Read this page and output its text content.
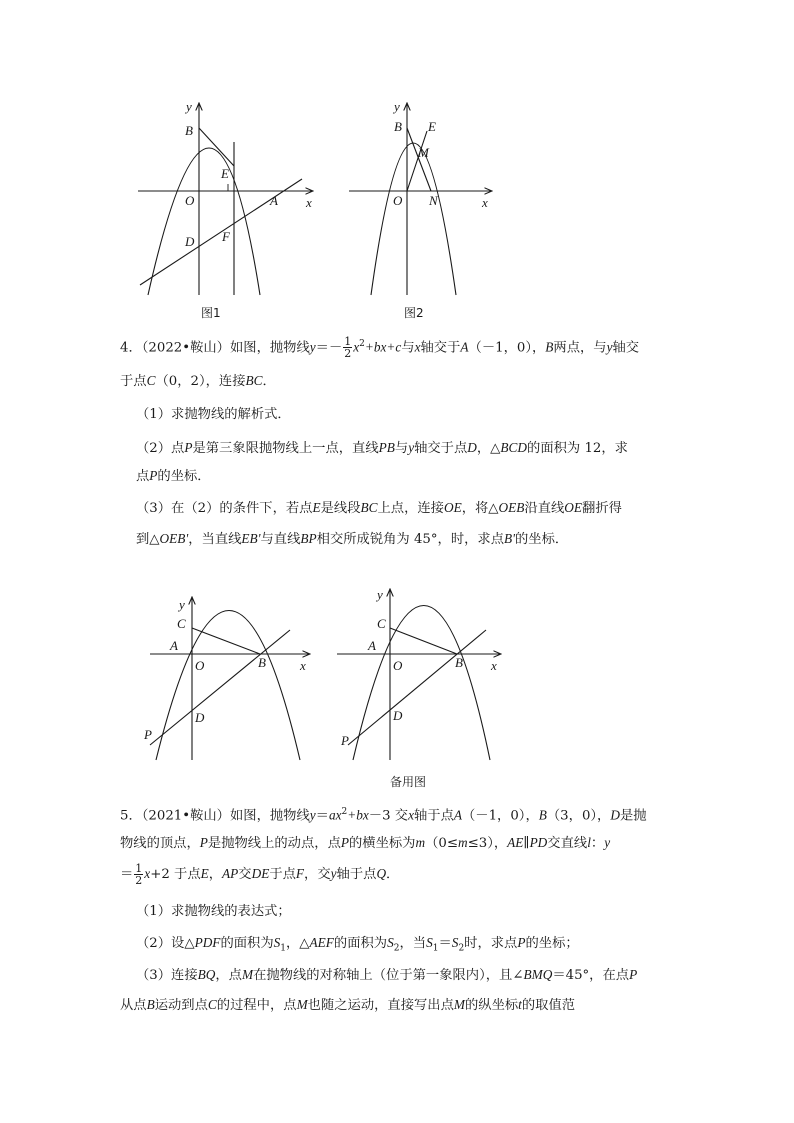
y
x
O
B
E
A
D F
图1
y
x
O
B E
M
N
图2
4．（2022•鞍山）如图，抛物线$y=- \frac{1}{2} x^2+bx+c$与x轴交于A（－1，0），B两点，与y轴交
于点C（0，2），连接BC．
（1）求抛物线的解析式．
（2）点P是第三象限抛物线上一点，直线PB与y轴交于点D，△BCD的面积为 12，求
点P的坐标．
（3）在（2）的条件下，若点E是线段BC上点，连接OE，将△OEB沿直线OE翻折得
到△OEB'，当直线EB'与直线BP相交所成锐角为 45°，时，求点B'的坐标．
y
x
O
C
A
B
D
P
y
x
O
C
A
B
D
P
备用图
5．（2021•鞍山）如图，抛物线$y=ax^2+bx-3$ 交x轴于点A（－1，0），B（3，0），D是抛
物线的顶点，P是抛物线上的动点，点P的横坐标为m（0≤m≤3），AE∥PD交直线l：y
＝ $\frac{1}{2} x+2$ 于点E，AP交DE于点F，交y轴于点Q．
（1）求抛物线的表达式；
（2）设△PDF的面积为$S_1$，△AEF的面积为$S_2$，当$S_1=S_2$时，求点P的坐标；
（3）连接BQ，点M在抛物线的对称轴上（位于第一象限内），且∠BMQ＝45°，在点P
从点B运动到点C的过程中，点M也随之运动，直接写出点M的纵坐标t的取值范
